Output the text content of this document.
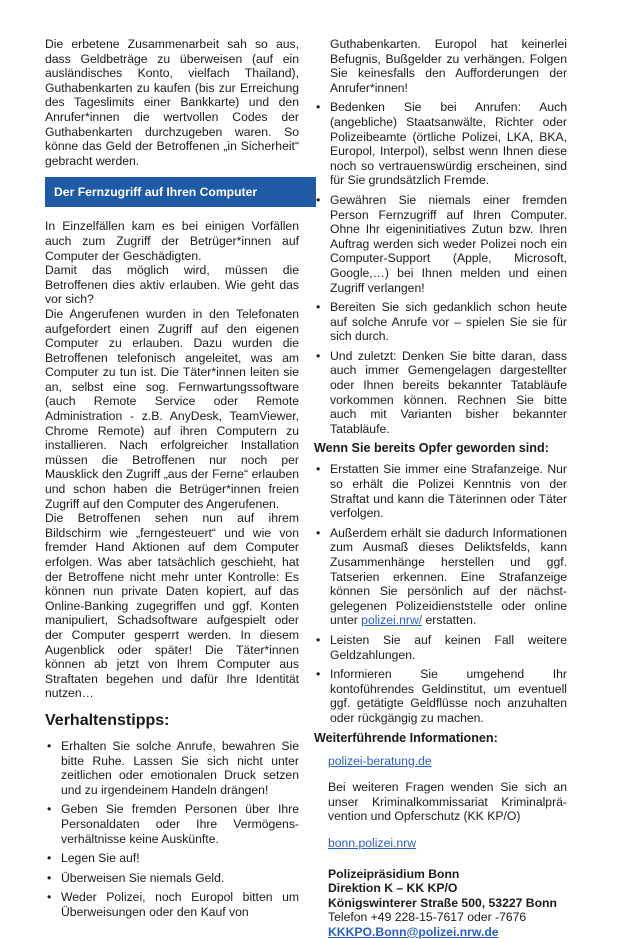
Die erbetene Zusammenarbeit sah so aus, dass Geldbeträge zu überweisen (auf ein ausländisches Konto, vielfach Thailand), Guthabenkarten zu kaufen (bis zur Erreichung des Tageslimits einer Bankkarte) und den Anrufer*innen die wertvollen Codes der Guthabenkarten durchzugeben waren. So könne das Geld der Betroffenen „in Sicherheit“ gebracht werden.

Der Fernzugriff auf Ihren Computer

In Einzelfällen kam es bei einigen Vorfällen auch zum Zugriff der Betrüger*innen auf Computer der Geschädigten.

Damit das möglich wird, müssen die Betroffenen dies aktiv erlauben. Wie geht das vor sich?

Die Angerufenen wurden in den Telefonaten aufgefordert einen Zugriff auf den eigenen Computer zu erlauben. Dazu wurden die Betroffenen telefonisch angeleitet, was am Computer zu tun ist. Die Täter*innen leiten sie an, selbst eine sog. Fernwartungssoftware (auch Remote Service oder Remote Administration - z.B. AnyDesk, TeamViewer, Chrome Remote) auf ihren Computern zu installieren. Nach erfolgreicher Installation müssen die Betroffenen nur noch per Mausklick den Zugriff „aus der Ferne“ erlauben und schon haben die Betrüger*innen freien Zugriff auf den Computer des Angerufenen.

Die Betroffenen sehen nun auf ihrem Bildschirm wie „ferngesteuert“ und wie von fremder Hand Aktionen auf dem Computer erfolgen. Was aber tatsächlich geschieht, hat der Betroffene nicht mehr unter Kontrolle: Es können nun private Daten kopiert, auf das Online-Banking zugegriffen und ggf. Konten manipuliert, Schadsoftware aufgespielt oder der Computer gesperrt werden. In diesem Augenblick oder später! Die Täter*innen können ab jetzt von Ihrem Computer aus Straftaten begehen und dafür Ihre Identität nutzen…

Verhaltenstipps:
• Erhalten Sie solche Anrufe, bewahren Sie bitte Ruhe. Lassen Sie sich nicht unter zeitlichen oder emotionalen Druck setzen und zu irgendeinem Handeln drängen!
• Geben Sie fremden Personen über Ihre Personaldaten oder Ihre Vermögens-verhältnisse keine Auskünfte.
• Legen Sie auf!
• Überweisen Sie niemals Geld.
• Weder Polizei, noch Europol bitten um Überweisungen oder den Kauf von

Guthabenkarten. Europol hat keinerlei Befugnis, Bußgelder zu verhängen. Folgen Sie keinesfalls den Aufforderungen der Anrufer*innen!

• Bedenken Sie bei Anrufen: Auch (angebliche) Staatsanwälte, Richter oder Polizeibeamte (örtliche Polizei, LKA, BKA, Europol, Interpol), selbst wenn Ihnen diese noch so vertrauenswürdig erscheinen, sind für Sie grundsätzlich Fremde.
• Gewähren Sie niemals einer fremden Person Fernzugriff auf Ihren Computer. Ohne Ihr eigeninitiatives Zutun bzw. Ihren Auftrag werden sich weder Polizei noch ein Computer-Support (Apple, Microsoft, Google,…) bei Ihnen melden und einen Zugriff verlangen!
• Bereiten Sie sich gedanklich schon heute auf solche Anrufe vor – spielen Sie sie für sich durch.
• Und zuletzt: Denken Sie bitte daran, dass auch immer Gemengelagen dargestellter oder Ihnen bereits bekannter Tatabläufe vorkommen können. Rechnen Sie bitte auch mit Varianten bisher bekannter Tatabläufe.
Wenn Sie bereits Opfer geworden sind:
• Erstatten Sie immer eine Strafanzeige. Nur so erhält die Polizei Kenntnis von der Straftat und kann die Täterinnen oder Täter verfolgen.
• Außerdem erhält sie dadurch Informationen zum Ausmaß dieses Deliktsfelds, kann Zusammenhänge herstellen und ggf. Tatserien erkennen. Eine Strafanzeige können Sie persönlich auf der nächst-gelegenen Polizeidienststelle oder online unter polizei.nrw/ erstatten.
• Leisten Sie auf keinen Fall weitere Geldzahlungen.
• Informieren Sie umgehend Ihr kontoführendes Geldinstitut, um eventuell ggf. getätigte Geldflüsse noch anzuhalten oder rückgängig zu machen.
Weiterführende Informationen:

polizei-beratung.de

Bei weiteren Fragen wenden Sie sich an unser Kriminalkommissariat Kriminalprä-vention und Opferschutz (KK KP/O)

bonn.polizei.nrw

Polizeipräsidium Bonn

Direktion K – KK KP/O

Königswinterer Straße 500, 53227 Bonn

Telefon +49 228-15-7617 oder -7676

KKKPO.Bonn@polizei.nrw.de
